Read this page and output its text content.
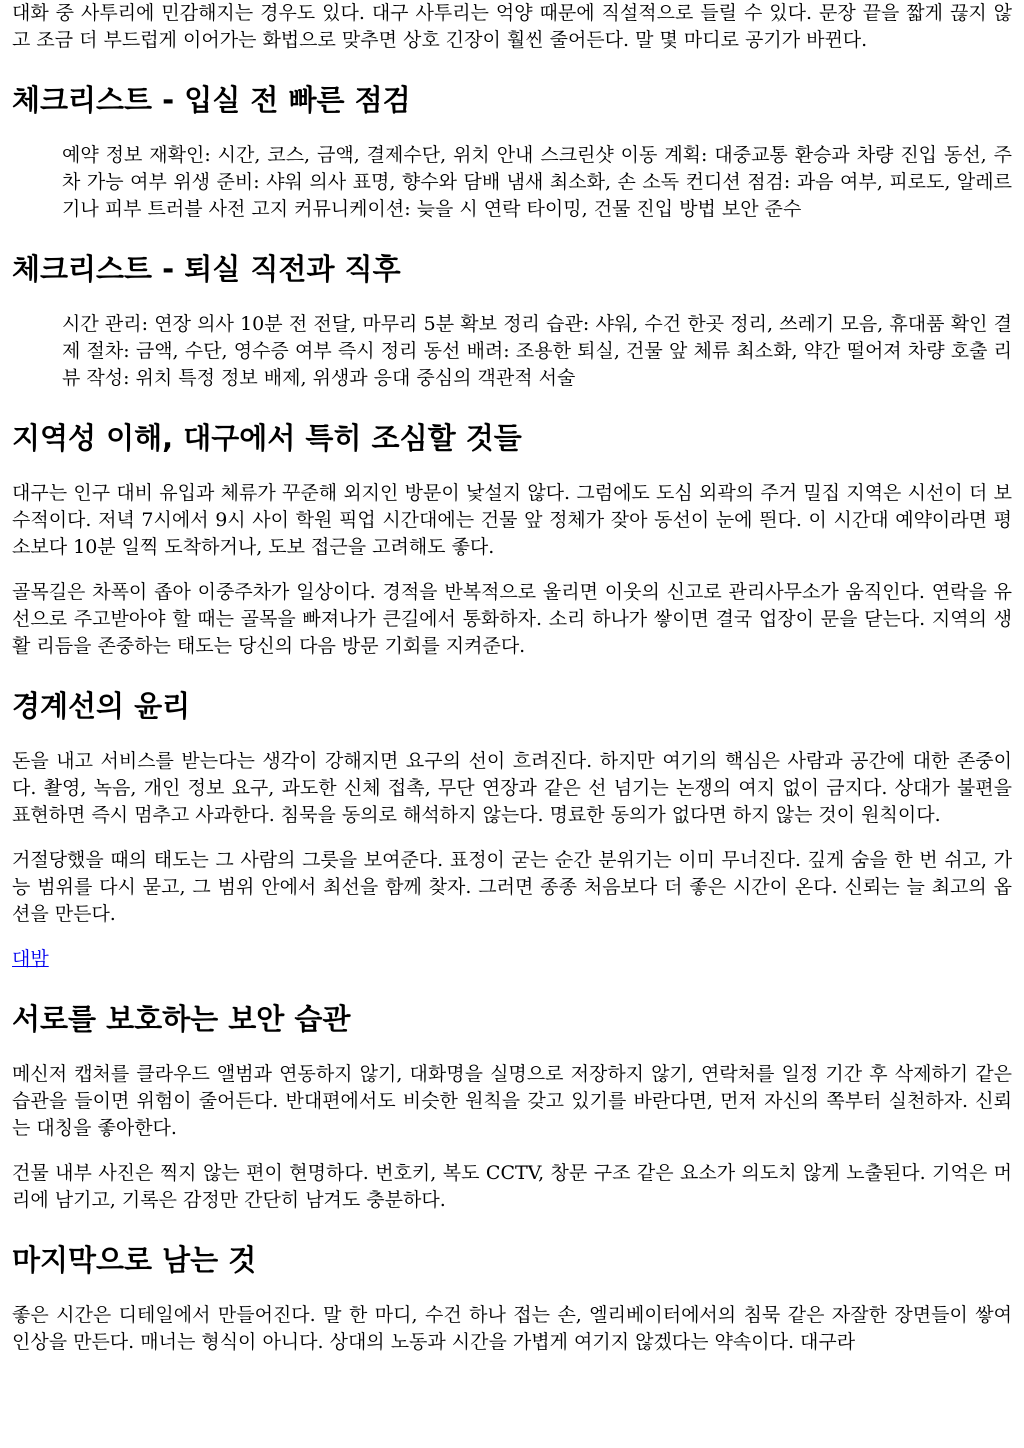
대화 중 사투리에 민감해지는 경우도 있다. 대구 사투리는 억양 때문에 직설적으로 들릴 수 있다. 문장 끝을 짧게 끊지 않고 조금 더 부드럽게 이어가는 화법으로 맞추면 상호 긴장이 훨씬 줄어든다. 말 몇 마디로 공기가 바뀐다.

체크리스트 - 입실 전 빠른 점검
예약 정보 재확인: 시간, 코스, 금액, 결제수단, 위치 안내 스크린샷 이동 계획: 대중교통 환승과 차량 진입 동선, 주차 가능 여부 위생 준비: 샤워 의사 표명, 향수와 담배 냄새 최소화, 손 소독 컨디션 점검: 과음 여부, 피로도, 알레르기나 피부 트러블 사전 고지 커뮤니케이션: 늦을 시 연락 타이밍, 건물 진입 방법 보안 준수
체크리스트 - 퇴실 직전과 직후
시간 관리: 연장 의사 10분 전 전달, 마무리 5분 확보 정리 습관: 샤워, 수건 한곳 정리, 쓰레기 모음, 휴대품 확인 결제 절차: 금액, 수단, 영수증 여부 즉시 정리 동선 배려: 조용한 퇴실, 건물 앞 체류 최소화, 약간 떨어져 차량 호출 리뷰 작성: 위치 특정 정보 배제, 위생과 응대 중심의 객관적 서술
지역성 이해, 대구에서 특히 조심할 것들

대구는 인구 대비 유입과 체류가 꾸준해 외지인 방문이 낯설지 않다. 그럼에도 도심 외곽의 주거 밀집 지역은 시선이 더 보수적이다. 저녁 7시에서 9시 사이 학원 픽업 시간대에는 건물 앞 정체가 잦아 동선이 눈에 띈다. 이 시간대 예약이라면 평소보다 10분 일찍 도착하거나, 도보 접근을 고려해도 좋다.

골목길은 차폭이 좁아 이중주차가 일상이다. 경적을 반복적으로 울리면 이웃의 신고로 관리사무소가 움직인다. 연락을 유선으로 주고받아야 할 때는 골목을 빠져나가 큰길에서 통화하자. 소리 하나가 쌓이면 결국 업장이 문을 닫는다. 지역의 생활 리듬을 존중하는 태도는 당신의 다음 방문 기회를 지켜준다.

경계선의 윤리

돈을 내고 서비스를 받는다는 생각이 강해지면 요구의 선이 흐려진다. 하지만 여기의 핵심은 사람과 공간에 대한 존중이다. 촬영, 녹음, 개인 정보 요구, 과도한 신체 접촉, 무단 연장과 같은 선 넘기는 논쟁의 여지 없이 금지다. 상대가 불편을 표현하면 즉시 멈추고 사과한다. 침묵을 동의로 해석하지 않는다. 명료한 동의가 없다면 하지 않는 것이 원칙이다.

거절당했을 때의 태도는 그 사람의 그릇을 보여준다. 표정이 굳는 순간 분위기는 이미 무너진다. 깊게 숨을 한 번 쉬고, 가능 범위를 다시 묻고, 그 범위 안에서 최선을 함께 찾자. 그러면 종종 처음보다 더 좋은 시간이 온다. 신뢰는 늘 최고의 옵션을 만든다.

대밤
서로를 보호하는 보안 습관

메신저 캡처를 클라우드 앨범과 연동하지 않기, 대화명을 실명으로 저장하지 않기, 연락처를 일정 기간 후 삭제하기 같은 습관을 들이면 위험이 줄어든다. 반대편에서도 비슷한 원칙을 갖고 있기를 바란다면, 먼저 자신의 쪽부터 실천하자. 신뢰는 대칭을 좋아한다.

건물 내부 사진은 찍지 않는 편이 현명하다. 번호키, 복도 CCTV, 창문 구조 같은 요소가 의도치 않게 노출된다. 기억은 머리에 남기고, 기록은 감정만 간단히 남겨도 충분하다.

마지막으로 남는 것

좋은 시간은 디테일에서 만들어진다. 말 한 마디, 수건 하나 접는 손, 엘리베이터에서의 침묵 같은 자잘한 장면들이 쌓여 인상을 만든다. 매너는 형식이 아니다. 상대의 노동과 시간을 가볍게 여기지 않겠다는 약속이다. 대구라
